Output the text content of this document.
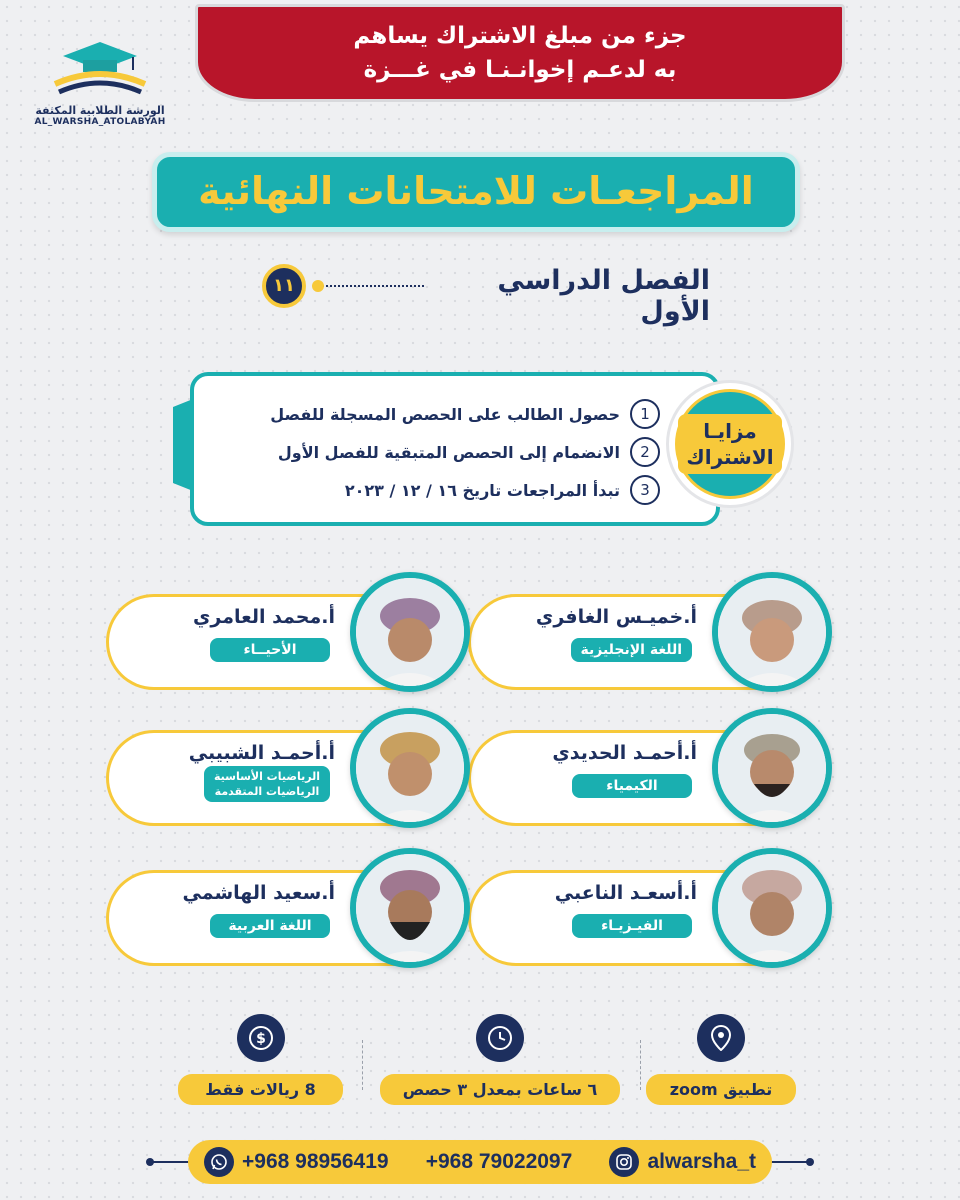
جزء من مبلغ الاشتراك يساهم
به لدعـم إخوانـنـا في غـــزة
الورشة الطلابية المكثفة
AL_WARSHA_ATOLABYAH
المراجعـات للامتحانات النهائية
الفصل الدراسي الأول
١١
1
حصول الطالب على الحصص المسجلة للفصل
2
الانضمام إلى الحصص المتبقية للفصل الأول
3
تبدأ المراجعات تاريخ ١٦ / ١٢ / ٢٠٢٣
مزايـا
الاشتراك
أ.خميـس الغافري
اللغة الإنجليزية
أ.محمد العامري
الأحيــاء
أ.أحمـد الحديدي
الكيمياء
أ.أحمـد الشبيبي
الرياضيات الأساسية
الرياضيات المتقدمة
أ.أسعـد الناعبي
الفيـزيـاء
أ.سعيد الهاشمي
اللغة العربية
تطبيق zoom
٦ ساعات بمعدل ٣ حصص
$
8 ريالات فقط
+968 98956419 +968 79022097	alwarsha_t
